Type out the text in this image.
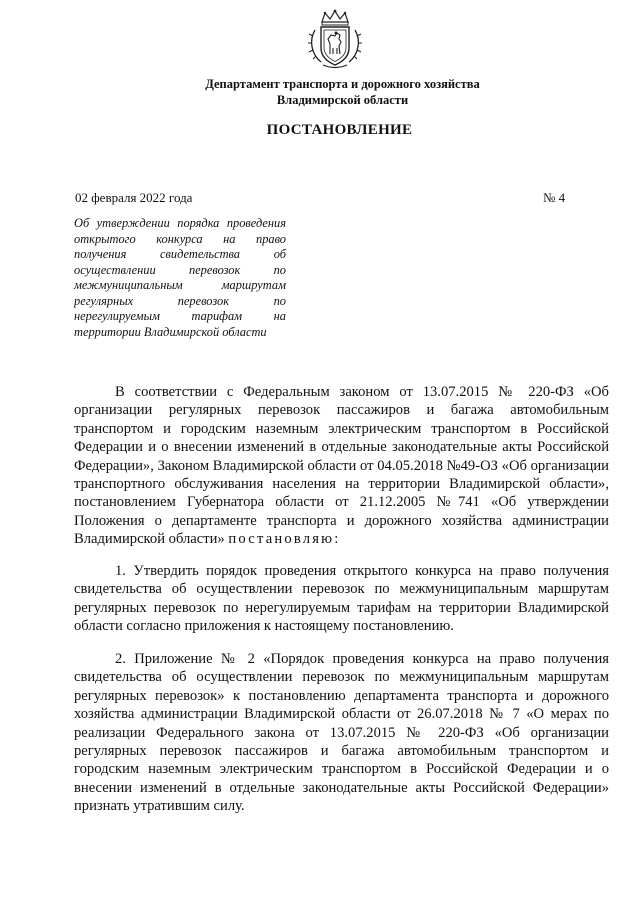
Департамент транспорта и дорожного хозяйства
Владимирской области
ПОСТАНОВЛЕНИЕ
02 февраля 2022 года	№ 4
Об утверждении порядка проведения
открытого конкурса на право
получения свидетельства об
осуществлении перевозок по
межмуниципальным маршрутам
регулярных перевозок по
нерегулируемым тарифам на
территории Владимирской области
В соответствии с Федеральным законом от 13.07.2015 № 220-ФЗ «Об организации регулярных перевозок пассажиров и багажа автомобильным транспортом и городским наземным электрическим транспортом в Российской Федерации и о внесении изменений в отдельные законодательные акты Российской Федерации», Законом Владимирской области от 04.05.2018 №49-ОЗ «Об организации транспортного обслуживания населения на территории Владимирской области», постановлением Губернатора области от 21.12.2005 №741 «Об утверждении Положения о департаменте транспорта и дорожного хозяйства администрации Владимирской области» постановляю:
1. Утвердить порядок проведения открытого конкурса на право получения свидетельства об осуществлении перевозок по межмуниципальным маршрутам регулярных перевозок по нерегулируемым тарифам на территории Владимирской области согласно приложения к настоящему постановлению.
2. Приложение № 2 «Порядок проведения конкурса на право получения свидетельства об осуществлении перевозок по межмуниципальным маршрутам регулярных перевозок» к постановлению департамента транспорта и дорожного хозяйства администрации Владимирской области от 26.07.2018 № 7 «О мерах по реализации Федерального закона от 13.07.2015 № 220-ФЗ «Об организации регулярных перевозок пассажиров и багажа автомобильным транспортом и городским наземным электрическим транспортом в Российской Федерации и о внесении изменений в отдельные законодательные акты Российской Федерации» признать утратившим силу.
